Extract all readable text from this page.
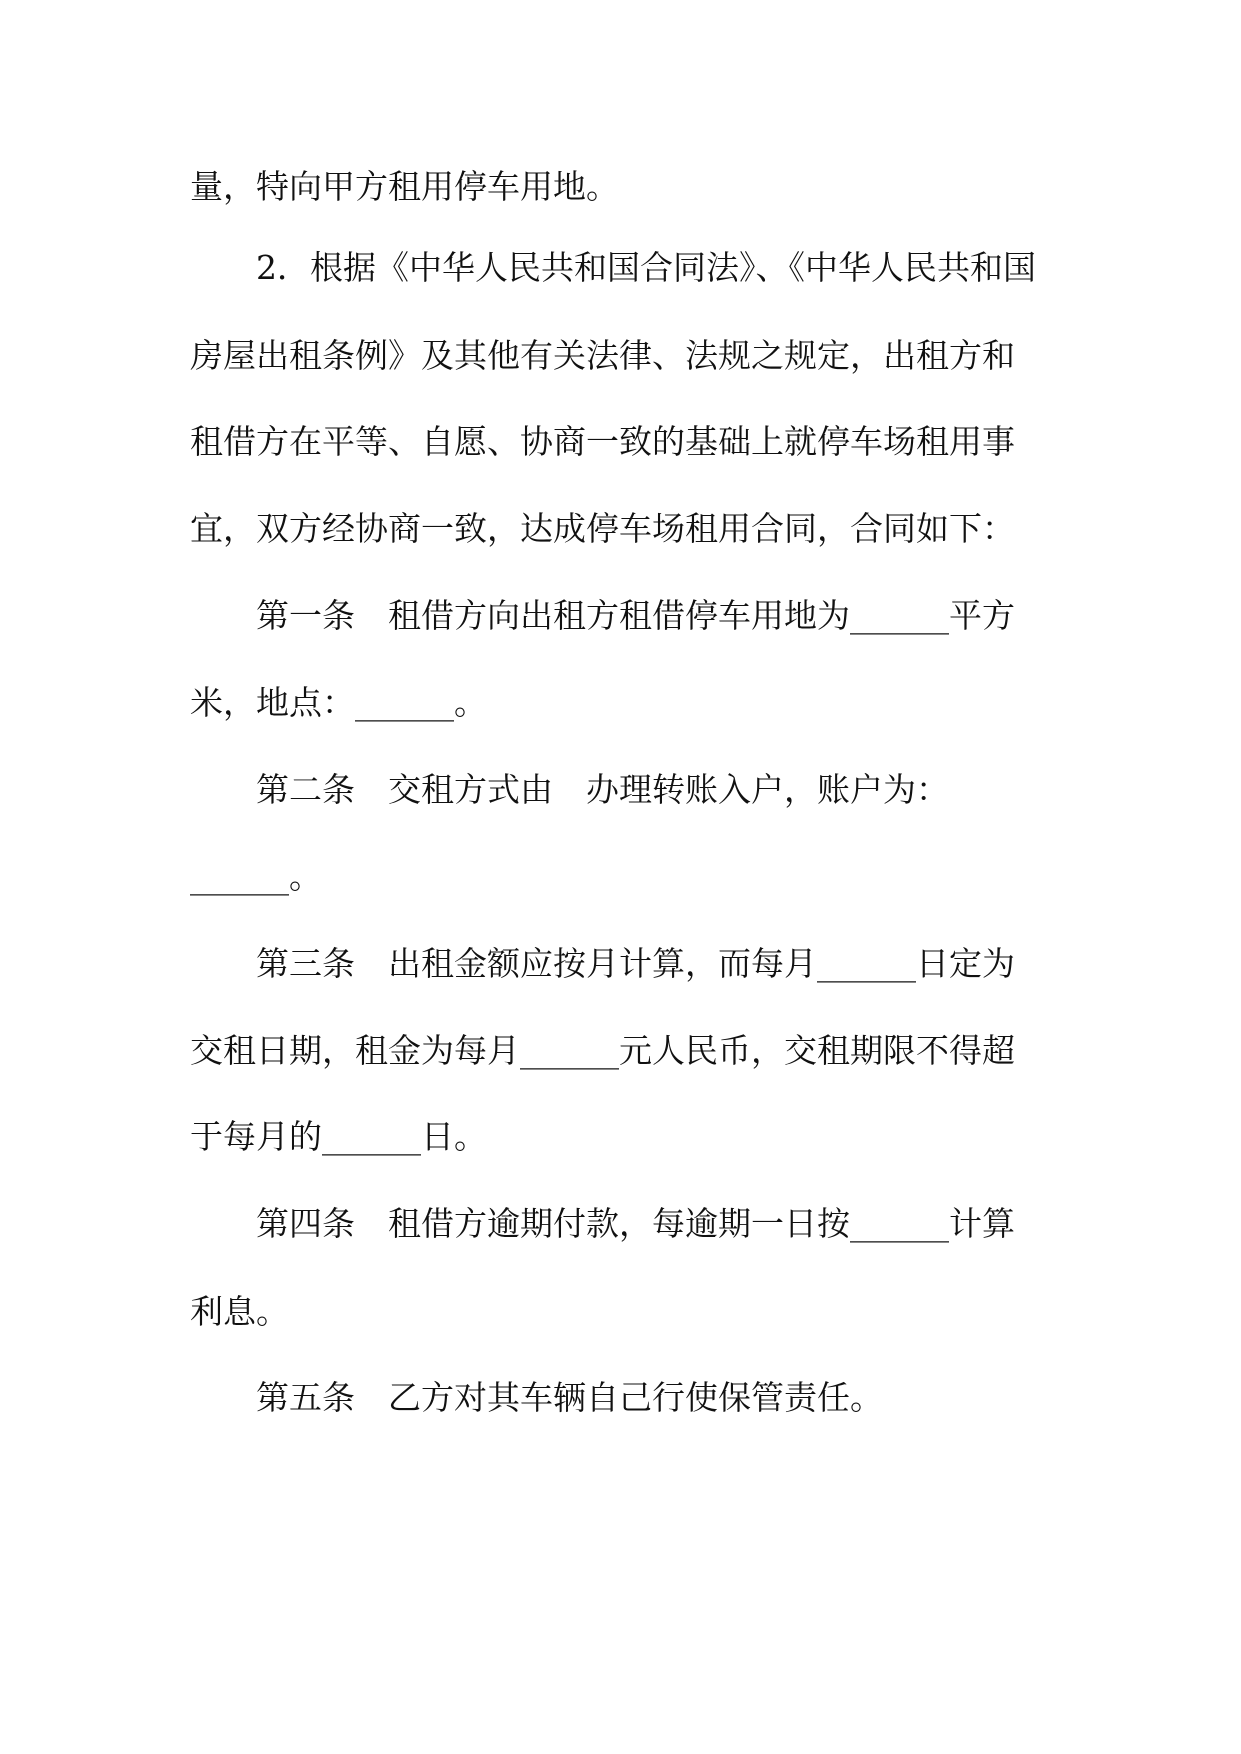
量，特向甲方租用停车用地。
2．根据《中华人民共和国合同法》、《中华人民共和国
房屋出租条例》及其他有关法律、法规之规定，出租方和
租借方在平等、自愿、协商一致的基础上就停车场租用事
宜，双方经协商一致，达成停车场租用合同，合同如下：
第一条　租借方向出租方租借停车用地为______平方
米，地点：______。
第二条　交租方式由　办理转账入户，账户为：
______。
第三条　出租金额应按月计算，而每月______日定为
交租日期，租金为每月______元人民币，交租期限不得超
于每月的______日。
第四条　租借方逾期付款，每逾期一日按______计算
利息。
第五条　乙方对其车辆自己行使保管责任。
